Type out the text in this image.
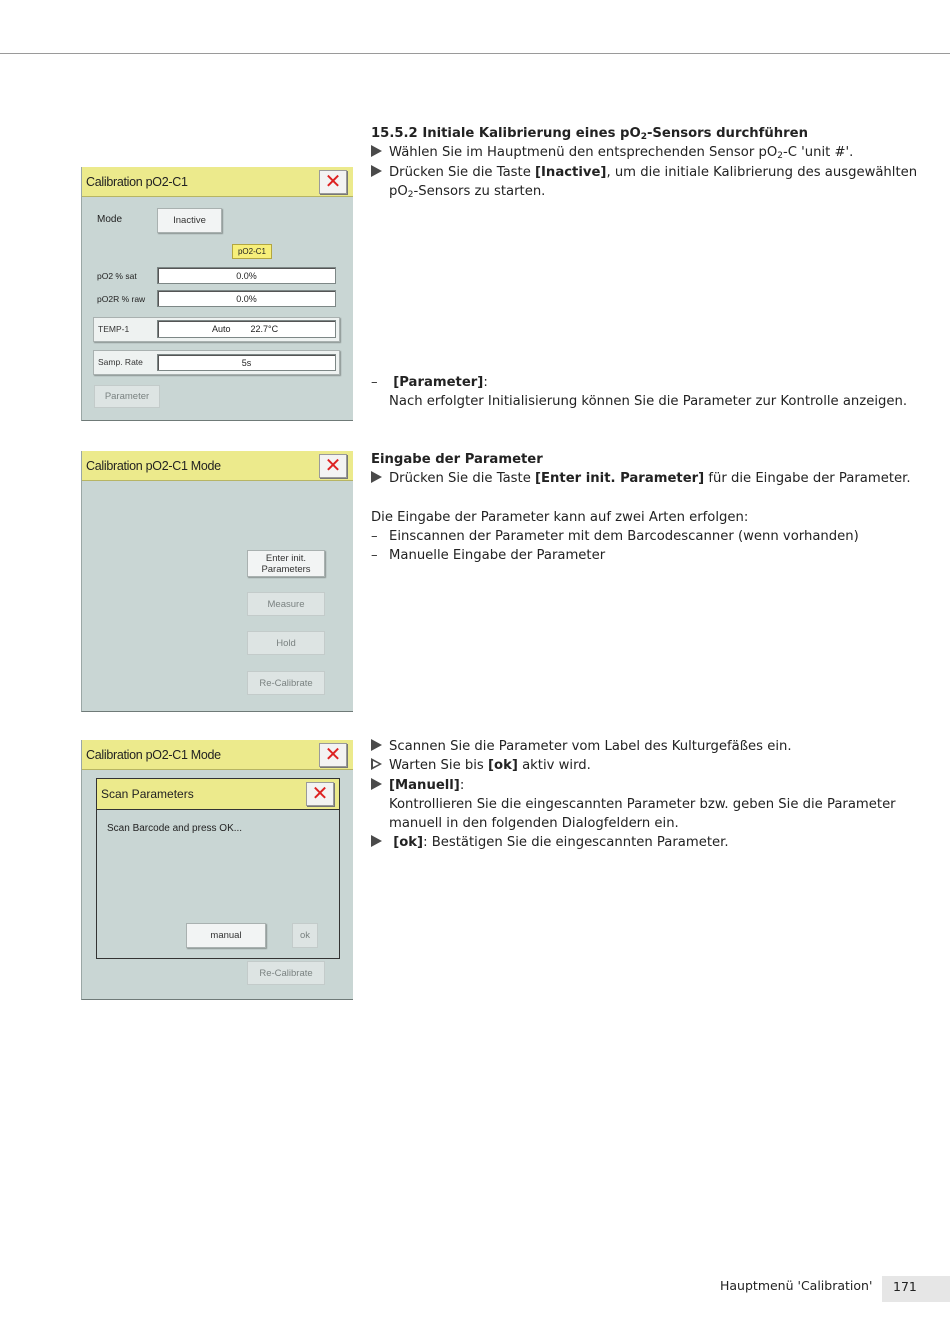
15.5.2 Initiale Kalibrierung eines $pO_2$-Sensors durchführen
Wählen Sie im Hauptmenü den entsprechenden Sensor $pO_2-C$ 'unit #'.
Drücken Sie die Taste [Inactive], um die initiale Kalibrierung des ausgewählten
$pO_2$-Sensors zu starten.
–	[Parameter]:
Nach erfolgter Initialisierung können Sie die Parameter zur Kontrolle anzeigen.
Eingabe der Parameter
Drücken Sie die Taste [Enter init. Parameter] für die Eingabe der Parameter.
Die Eingabe der Parameter kann auf zwei Arten erfolgen:
– Einscannen der Parameter mit dem Barcodescanner (wenn vorhanden)
– Manuelle Eingabe der Parameter
Scannen Sie die Parameter vom Label des Kulturgefäßes ein.
Warten Sie bis [ok] aktiv wird.
[Manuell]:
Kontrollieren Sie die eingescannten Parameter bzw. geben Sie die Parameter
manuell in den folgenden Dialogfeldern ein.
[ok]: Bestätigen Sie die eingescannten Parameter.
Calibration pO2-C1	✕
Mode	Inactive
pO2-C1
pO2 % sat	0.0%
pO2R % raw	0.0%
TEMP-1	Auto 22.7°C
Samp. Rate	5s
Parameter
Calibration pO2-C1 Mode	✕
Enter init.
Parameters
Measure
Hold
Re-Calibrate
Calibration pO2-C1 Mode	✕
Scan Parameters	✕
Scan Barcode and press OK...
manual	ok
Re-Calibrate
Hauptmenü 'Calibration'	171
